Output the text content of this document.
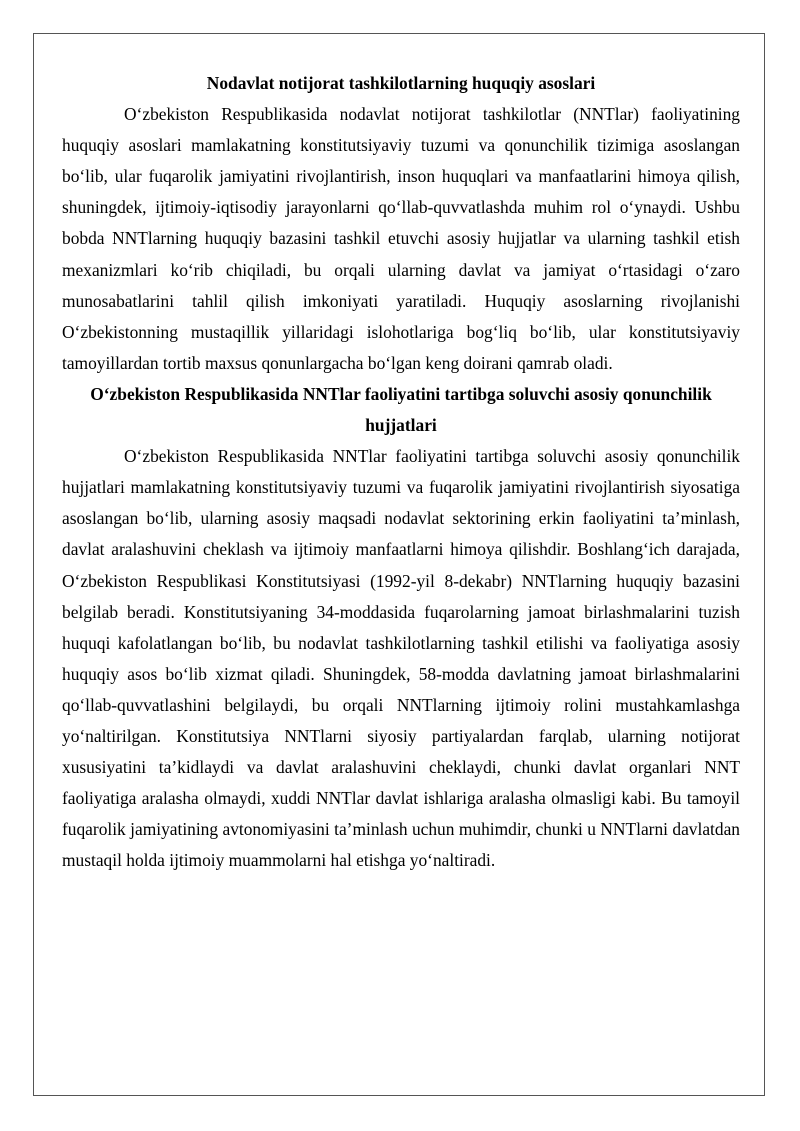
Nodavlat notijorat tashkilotlarning huquqiy asoslari

O‘zbekiston Respublikasida nodavlat notijorat tashkilotlar (NNTlar) faoliyatining huquqiy asoslari mamlakatning konstitutsiyaviy tuzumi va qonunchilik tizimiga asoslangan bo‘lib, ular fuqarolik jamiyatini rivojlantirish, inson huquqlari va manfaatlarini himoya qilish, shuningdek, ijtimoiy-iqtisodiy jarayonlarni qo‘llab-quvvatlashda muhim rol o‘ynaydi. Ushbu bobda NNTlarning huquqiy bazasini tashkil etuvchi asosiy hujjatlar va ularning tashkil etish mexanizmlari ko‘rib chiqiladi, bu orqali ularning davlat va jamiyat o‘rtasidagi o‘zaro munosabatlarini tahlil qilish imkoniyati yaratiladi. Huquqiy asoslarning rivojlanishi O‘zbekistonning mustaqillik yillaridagi islohotlariga bog‘liq bo‘lib, ular konstitutsiyaviy tamoyillardan tortib maxsus qonunlargacha bo‘lgan keng doirani qamrab oladi.

O‘zbekiston Respublikasida NNTlar faoliyatini tartibga soluvchi asosiy qonunchilik hujjatlari

O‘zbekiston Respublikasida NNTlar faoliyatini tartibga soluvchi asosiy qonunchilik hujjatlari mamlakatning konstitutsiyaviy tuzumi va fuqarolik jamiyatini rivojlantirish siyosatiga asoslangan bo‘lib, ularning asosiy maqsadi nodavlat sektorining erkin faoliyatini ta’minlash, davlat aralashuvini cheklash va ijtimoiy manfaatlarni himoya qilishdir. Boshlang‘ich darajada, O‘zbekiston Respublikasi Konstitutsiyasi (1992-yil 8-dekabr) NNTlarning huquqiy bazasini belgilab beradi. Konstitutsiyaning 34-moddasida fuqarolarning jamoat birlashmalarini tuzish huquqi kafolatlangan bo‘lib, bu nodavlat tashkilotlarning tashkil etilishi va faoliyatiga asosiy huquqiy asos bo‘lib xizmat qiladi. Shuningdek, 58-modda davlatning jamoat birlashmalarini qo‘llab-quvvatlashini belgilaydi, bu orqali NNTlarning ijtimoiy rolini mustahkamlashga yo‘naltirilgan. Konstitutsiya NNTlarni siyosiy partiyalardan farqlab, ularning notijorat xususiyatini ta’kidlaydi va davlat aralashuvini cheklaydi, chunki davlat organlari NNT faoliyatiga aralasha olmaydi, xuddi NNTlar davlat ishlariga aralasha olmasligi kabi. Bu tamoyil fuqarolik jamiyatining avtonomiyasini ta’minlash uchun muhimdir, chunki u NNTlarni davlatdan mustaqil holda ijtimoiy muammolarni hal etishga yo‘naltiradi.
